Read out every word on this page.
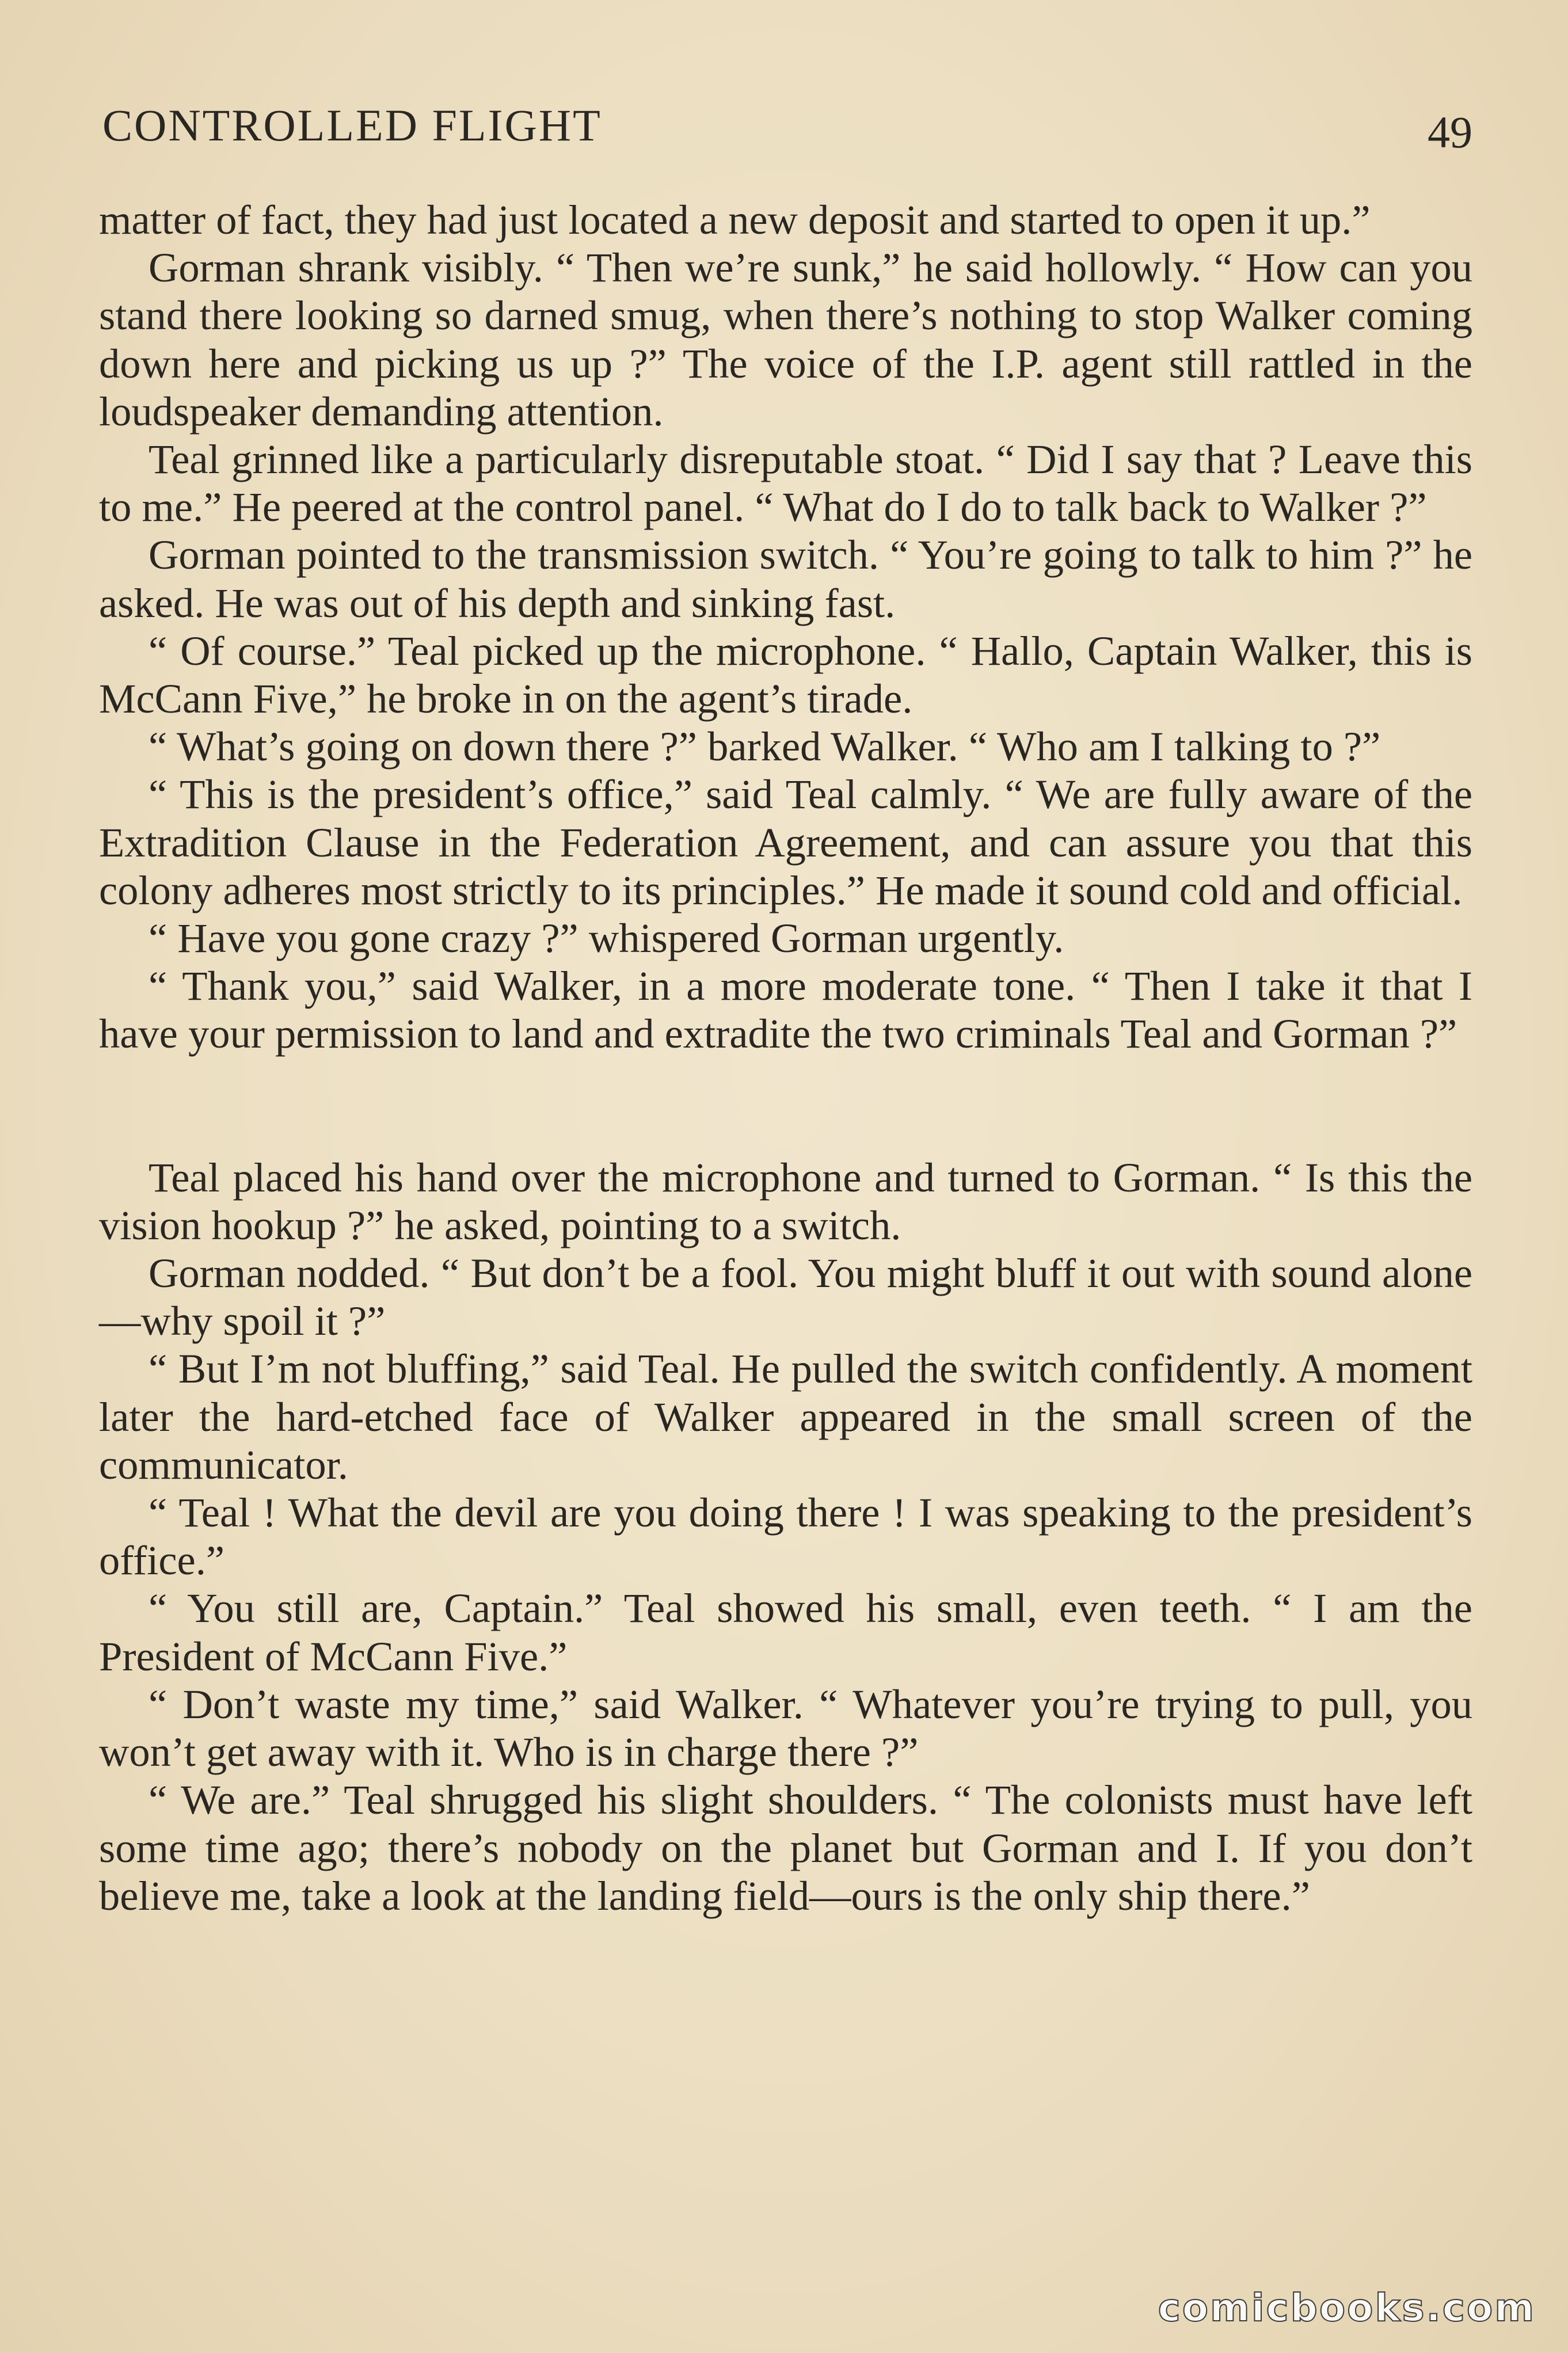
CONTROLLED FLIGHT	49

matter of fact, they had just located a new deposit and started to open it up.”

Gorman shrank visibly. “ Then we’re sunk,” he said hollowly. “ How can you stand there looking so darned smug, when there’s nothing to stop Walker coming down here and picking us up ?” The voice of the I.P. agent still rattled in the loudspeaker demanding attention.

Teal grinned like a particularly disreputable stoat. “ Did I say that ? Leave this to me.” He peered at the control panel. “ What do I do to talk back to Walker ?”

Gorman pointed to the transmission switch. “ You’re going to talk to him ?” he asked. He was out of his depth and sinking fast.

“ Of course.” Teal picked up the microphone. “ Hallo, Captain Walker, this is McCann Five,” he broke in on the agent’s tirade.

“ What’s going on down there ?” barked Walker. “ Who am I talking to ?”

“ This is the president’s office,” said Teal calmly. “ We are fully aware of the Extradition Clause in the Federation Agreement, and can assure you that this colony adheres most strictly to its principles.” He made it sound cold and official.

“ Have you gone crazy ?” whispered Gorman urgently.

“ Thank you,” said Walker, in a more moderate tone. “ Then I take it that I have your permission to land and extradite the two criminals Teal and Gorman ?”

Teal placed his hand over the microphone and turned to Gorman. “ Is this the vision hookup ?” he asked, pointing to a switch.

Gorman nodded. “ But don’t be a fool. You might bluff it out with sound alone—why spoil it ?”

“ But I’m not bluffing,” said Teal. He pulled the switch confidently. A moment later the hard-etched face of Walker appeared in the small screen of the communicator.

“ Teal ! What the devil are you doing there ! I was speaking to the president’s office.”

“ You still are, Captain.” Teal showed his small, even teeth. “ I am the President of McCann Five.”

“ Don’t waste my time,” said Walker. “ Whatever you’re trying to pull, you won’t get away with it. Who is in charge there ?”

“ We are.” Teal shrugged his slight shoulders. “ The colonists must have left some time ago; there’s nobody on the planet but Gorman and I. If you don’t believe me, take a look at the landing field—ours is the only ship there.”

comicbooks.com
